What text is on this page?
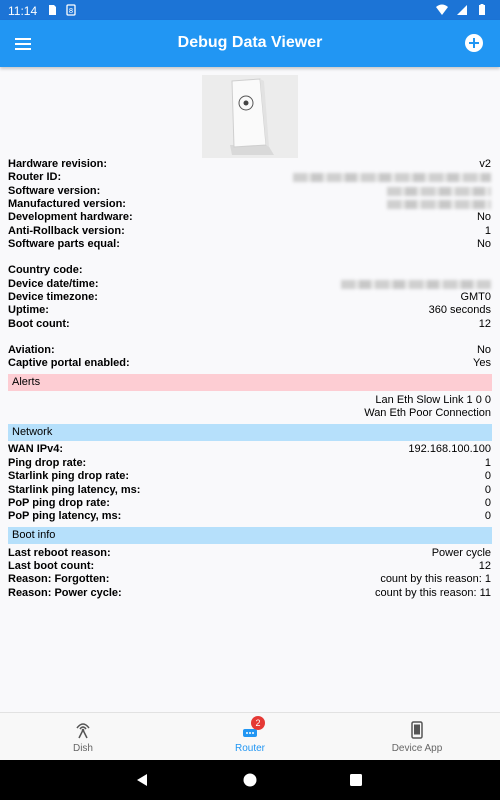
11:14	8
Debug Data Viewer
Hardware revision:	v2
Router ID:
Software version:
Manufactured version:
Development hardware:	No
Anti-Rollback version:	1
Software parts equal:	No
Country code:
Device date/time:
Device timezone:	GMT0
Uptime:	360 seconds
Boot count:	12
Aviation:	No
Captive portal enabled:	Yes
Alerts
Lan Eth Slow Link 1 0 0
Wan Eth Poor Connection
Network
WAN IPv4:	192.168.100.100
Ping drop rate:	1
Starlink ping drop rate:	0
Starlink ping latency, ms:	0
PoP ping drop rate:	0
PoP ping latency, ms:	0
Boot info
Last reboot reason:	Power cycle
Last boot count:	12
Reason: Forgotten:	count by this reason: 1
Reason: Power cycle:	count by this reason: 11
Dish
2
Router	Device App
